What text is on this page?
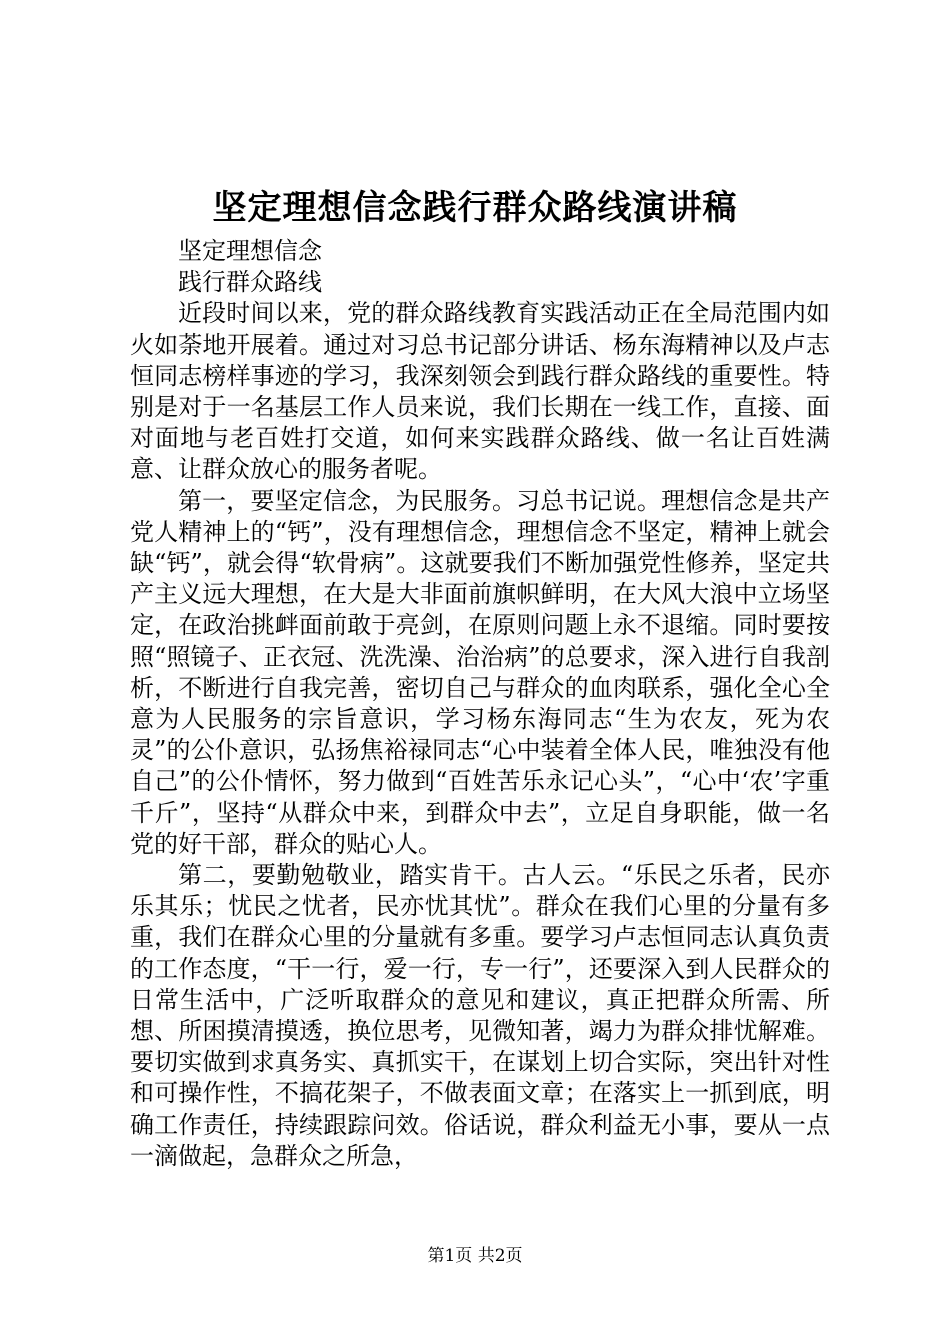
坚定理想信念践行群众路线演讲稿

坚定理想信念

践行群众路线

近段时间以来，党的群众路线教育实践活动正在全局范围内如火如荼地开展着。通过对习总书记部分讲话、杨东海精神以及卢志恒同志榜样事迹的学习，我深刻领会到践行群众路线的重要性。特别是对于一名基层工作人员来说，我们长期在一线工作，直接、面对面地与老百姓打交道，如何来实践群众路线、做一名让百姓满意、让群众放心的服务者呢。

第一，要坚定信念，为民服务。习总书记说。理想信念是共产党人精神上的“钙”，没有理想信念，理想信念不坚定，精神上就会缺“钙”，就会得“软骨病”。这就要我们不断加强党性修养，坚定共产主义远大理想，在大是大非面前旗帜鲜明，在大风大浪中立场坚定，在政治挑衅面前敢于亮剑，在原则问题上永不退缩。同时要按照“照镜子、正衣冠、洗洗澡、治治病”的总要求，深入进行自我剖析，不断进行自我完善，密切自己与群众的血肉联系，强化全心全意为人民服务的宗旨意识，学习杨东海同志“生为农友，死为农灵”的公仆意识，弘扬焦裕禄同志“心中装着全体人民，唯独没有他自己”的公仆情怀，努力做到“百姓苦乐永记心头”，“心中‘农’字重千斤”，坚持“从群众中来，到群众中去”，立足自身职能，做一名党的好干部，群众的贴心人。

第二，要勤勉敬业，踏实肯干。古人云。“乐民之乐者，民亦乐其乐；忧民之忧者，民亦忧其忧”。群众在我们心里的分量有多重，我们在群众心里的分量就有多重。要学习卢志恒同志认真负责的工作态度，“干一行，爱一行，专一行”，还要深入到人民群众的日常生活中，广泛听取群众的意见和建议，真正把群众所需、所想、所困摸清摸透，换位思考，见微知著，竭力为群众排忧解难。要切实做到求真务实、真抓实干，在谋划上切合实际，突出针对性和可操作性，不搞花架子，不做表面文章；在落实上一抓到底，明确工作责任，持续跟踪问效。俗话说，群众利益无小事，要从一点一滴做起，急群众之所急，

第1页 共2页
